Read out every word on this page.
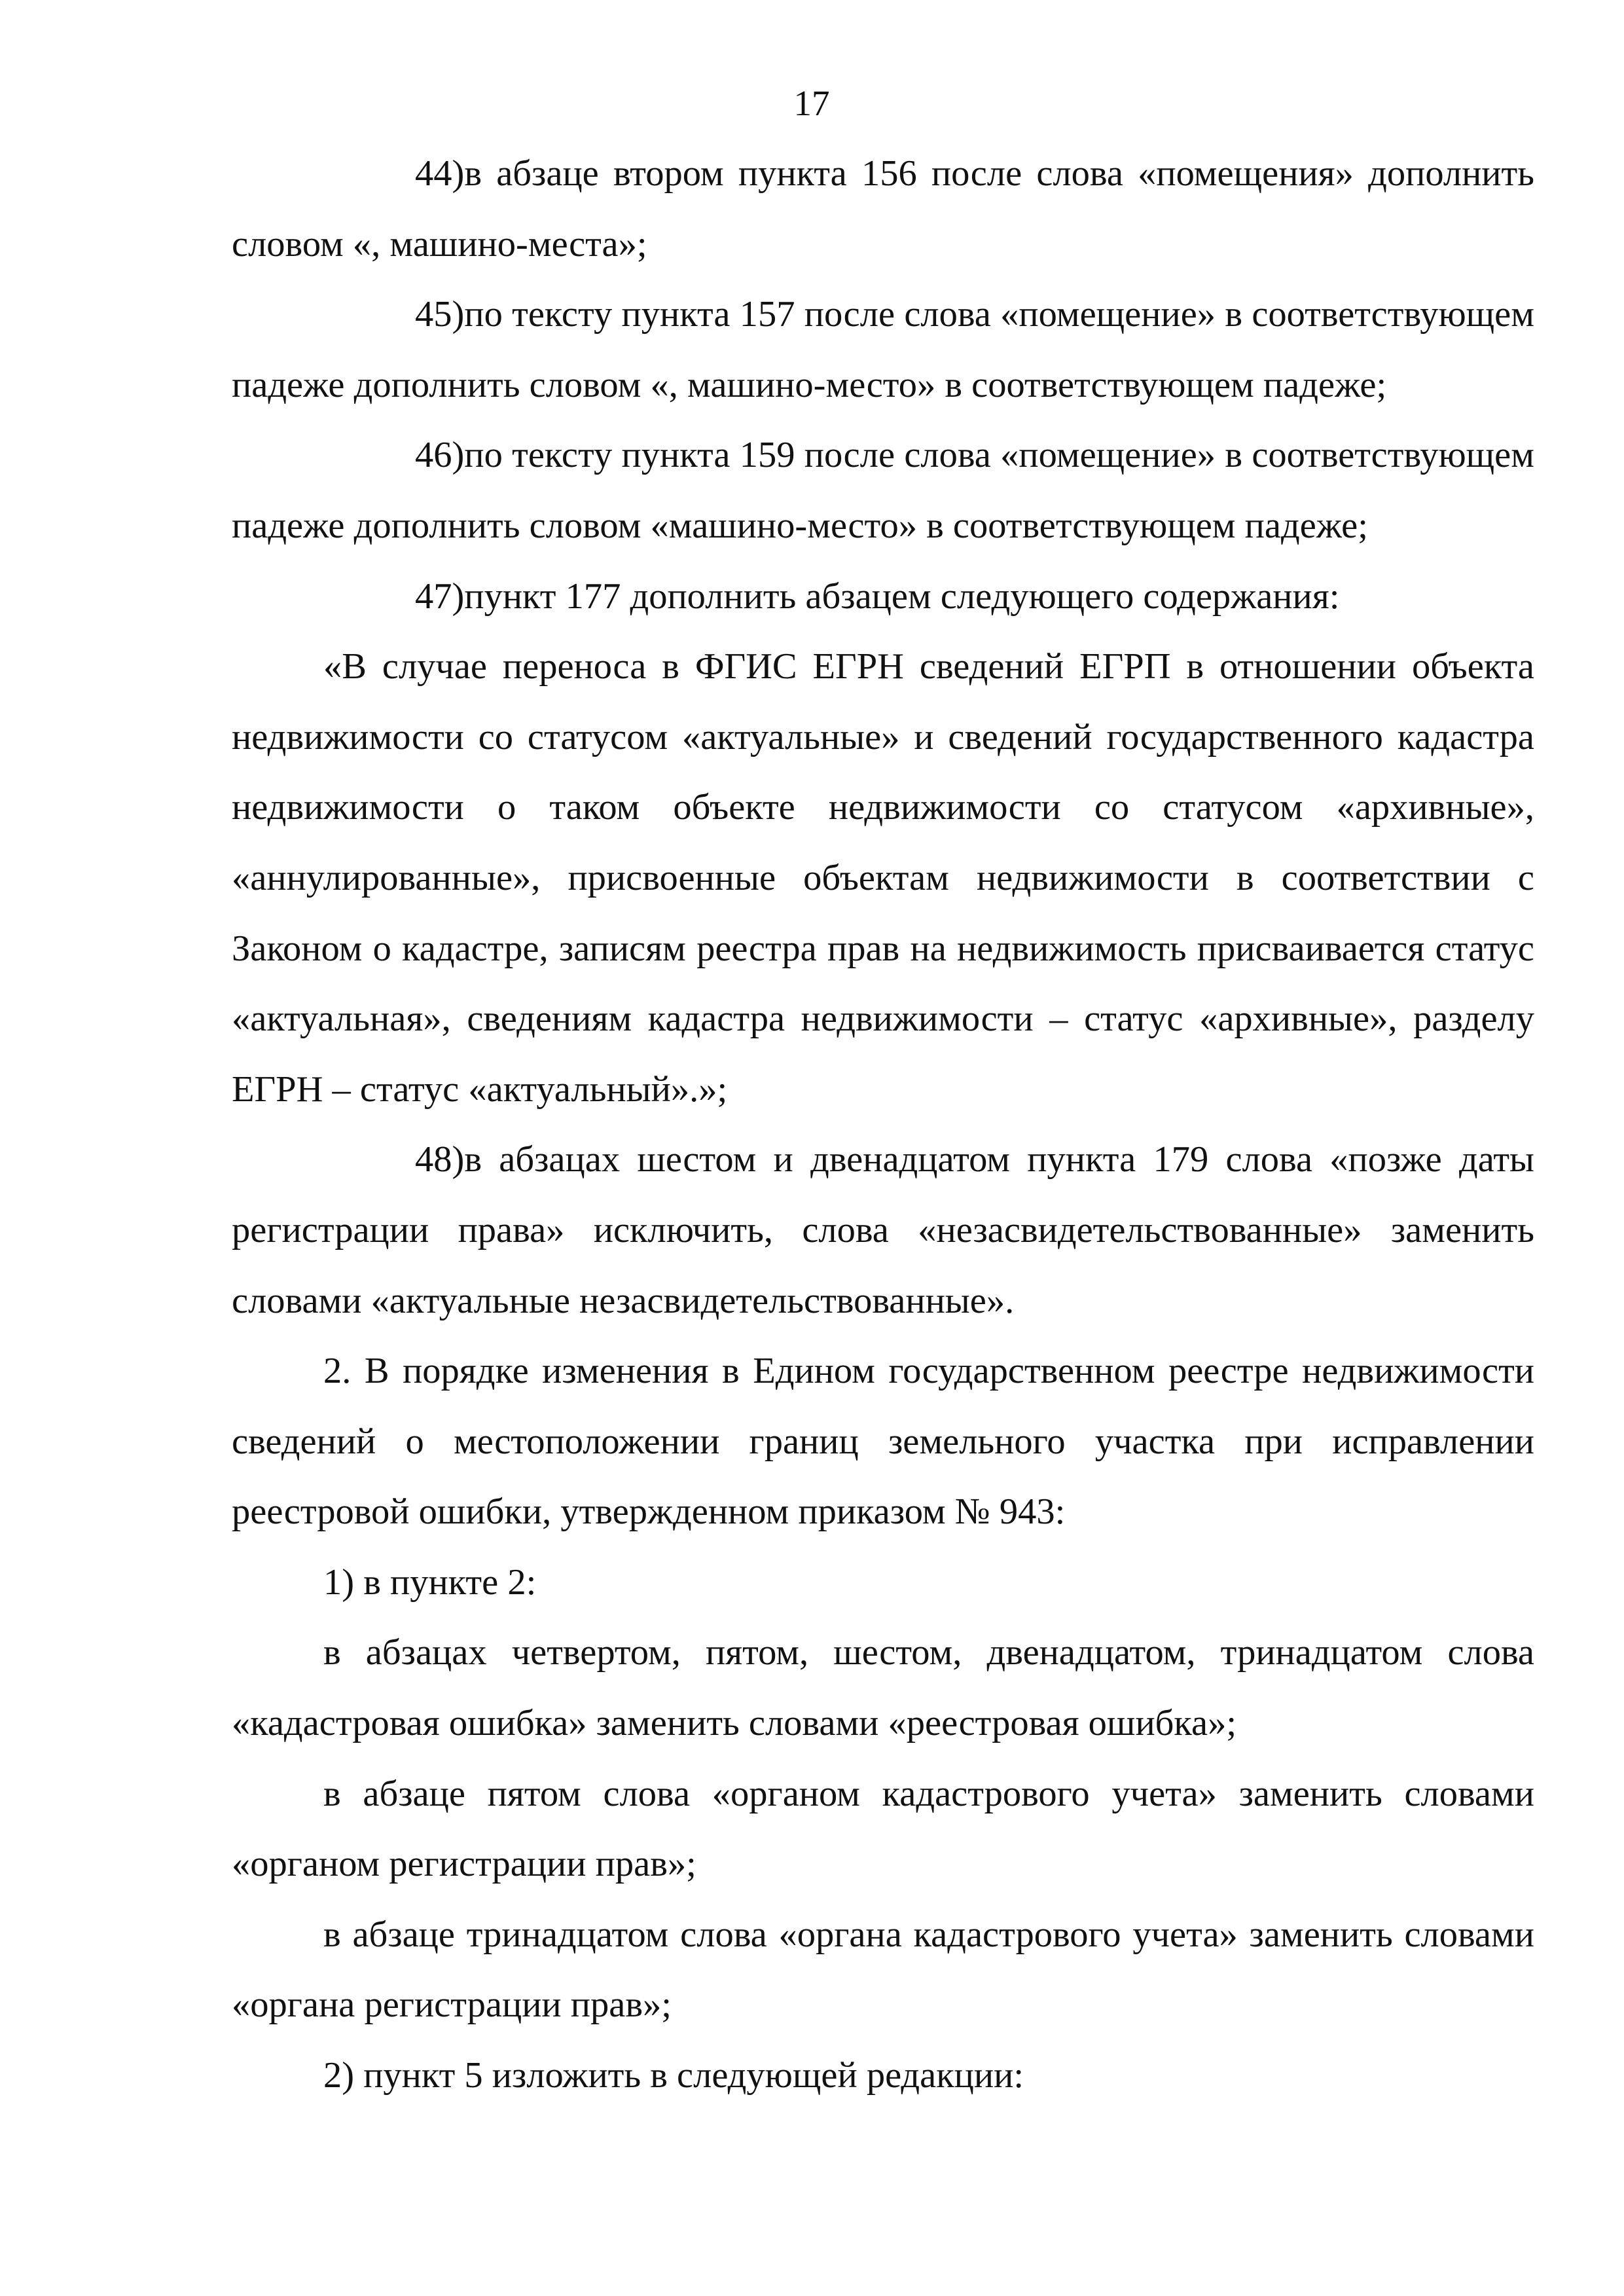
17

44)в абзаце втором пункта 156 после слова «помещения» дополнить словом «, машино-места»;

45)по тексту пункта 157 после слова «помещение» в соответствующем падеже дополнить словом «, машино-место» в соответствующем падеже;

46)по тексту пункта 159 после слова «помещение» в соответствующем падеже дополнить словом «машино-место» в соответствующем падеже;

47)пункт 177 дополнить абзацем следующего содержания:

«В случае переноса в ФГИС ЕГРН сведений ЕГРП в отношении объекта недвижимости со статусом «актуальные» и сведений государственного кадастра недвижимости о таком объекте недвижимости со статусом «архивные», «аннулированные», присвоенные объектам недвижимости в соответствии с Законом о кадастре, записям реестра прав на недвижимость присваивается статус «актуальная», сведениям кадастра недвижимости – статус «архивные», разделу ЕГРН – статус «актуальный».»;

48)в абзацах шестом и двенадцатом пункта 179 слова «позже даты регистрации права» исключить, слова «незасвидетельствованные» заменить словами «актуальные незасвидетельствованные».

2. В порядке изменения в Едином государственном реестре недвижимости сведений о местоположении границ земельного участка при исправлении реестровой ошибки, утвержденном приказом № 943:

1) в пункте 2:

в абзацах четвертом, пятом, шестом, двенадцатом, тринадцатом слова «кадастровая ошибка» заменить словами «реестровая ошибка»;

в абзаце пятом слова «органом кадастрового учета» заменить словами «органом регистрации прав»;

в абзаце тринадцатом слова «органа кадастрового учета» заменить словами «органа регистрации прав»;

2) пункт 5 изложить в следующей редакции:
